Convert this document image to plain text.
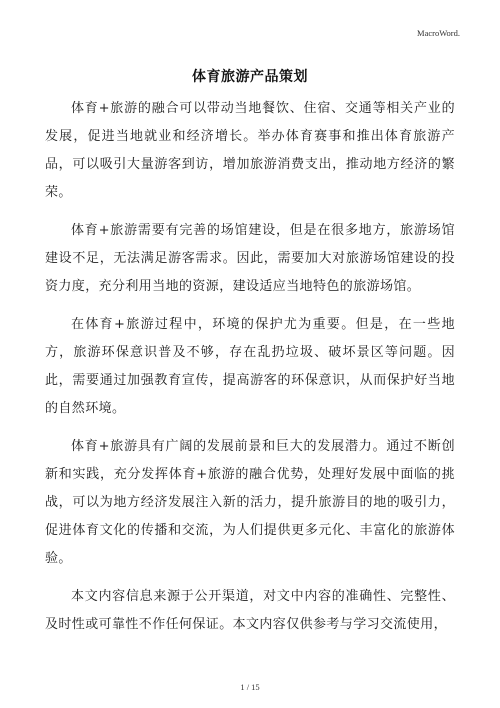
MacroWord.
体育旅游产品策划

体育+旅游的融合可以带动当地餐饮、住宿、交通等相关产业的发展，促进当地就业和经济增长。举办体育赛事和推出体育旅游产品，可以吸引大量游客到访，增加旅游消费支出，推动地方经济的繁荣。

体育+旅游需要有完善的场馆建设，但是在很多地方，旅游场馆建设不足，无法满足游客需求。因此，需要加大对旅游场馆建设的投资力度，充分利用当地的资源，建设适应当地特色的旅游场馆。

在体育+旅游过程中，环境的保护尤为重要。但是，在一些地方，旅游环保意识普及不够，存在乱扔垃圾、破坏景区等问题。因此，需要通过加强教育宣传，提高游客的环保意识，从而保护好当地的自然环境。

体育+旅游具有广阔的发展前景和巨大的发展潜力。通过不断创新和实践，充分发挥体育+旅游的融合优势，处理好发展中面临的挑战，可以为地方经济发展注入新的活力，提升旅游目的地的吸引力，促进体育文化的传播和交流，为人们提供更多元化、丰富化的旅游体验。

本文内容信息来源于公开渠道，对文中内容的准确性、完整性、及时性或可靠性不作任何保证。本文内容仅供参考与学习交流使用，

1 / 15
